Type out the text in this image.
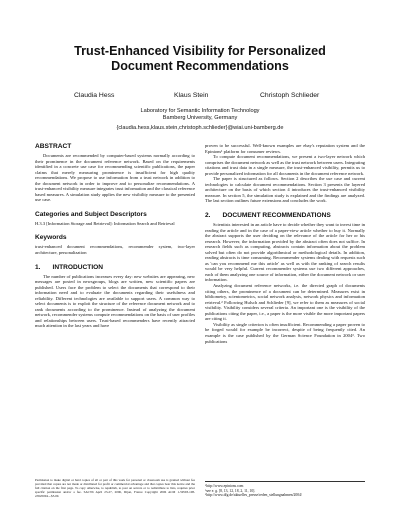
Trust-Enhanced Visibility for Personalized Document Recommendations
Claudia Hess	Klaus Stein	Christoph Schlieder
Laboratory for Semantic Information Technology
Bamberg University, Germany
{claudia.hess,klaus.stein,christoph.schlieder}@wiai.uni-bamberg.de
ABSTRACT

Documents are recommended by computer-based systems normally according to their prominence in the document reference network. Based on the requirements identified in a concrete use case for recommending scientific publications, the paper claims that merely measuring prominence is insufficient for high quality recommendations. We propose to use information from a trust network in addition to the document network in order to improve and to personalize recommendations. A trust-enhanced visibility measure integrates trust information and the classical reference based measures. A simulation study applies the new visibility measure to the presented use case.

Categories and Subject Descriptors

H.3.3 [Information Storage and Retrieval]: Information Search and Retrieval

Keywords

trust-enhanced document recommendations, recommender system, two-layer architecture, personalization

1. INTRODUCTION

The number of publications increases every day: new websites are appearing, new messages are posted in newsgroups, blogs are written, new scientific papers are published. Users face the problem to select the documents that correspond to their information need and to evaluate the documents regarding their usefulness and reliability. Different technologies are available to support users. A common way to select documents is to exploit the structure of the reference document network and to rank documents according to the prominence. Instead of analyzing the document network, recommender systems compute recommendations on the basis of user profiles and relationships between users. Trust-based recommenders have recently attracted much attention in the last years and have

Permission to make digital or hard copies of all or part of this work for personal or classroom use is granted without fee provided that copies are not made or distributed for profit or commercial advantage and that copies bear this notice and the full citation on the first page. To copy otherwise, to republish, to post on servers or to redistribute to lists, requires prior specific permission and/or a fee. SAC'06 April 23-27, 2006, Dijon, France Copyright 2006 ACM 1-59593-108-2/06/0004....$5.00.

proven to be successful. Well-known examples are ebay's reputation system and the Epinions¹ platform for consumer reviews.

To compute document recommendations, we present a two-layer network which comprises the document network as well as the trust network between users. Integrating citations and trust data in a single measure, the trust-enhanced visibility, permits us to provide personalized information for all documents in the document reference network.

The paper is structured as follows. Section 2 describes the use case and current technologies to calculate document recommendations. Section 3 presents the layered architecture on the basis of which section 4 introduces the trust-enhanced visibility measure. In section 5, the simulation study is explained and the findings are analyzed. The last section outlines future extensions and concludes the work.

2. DOCUMENT RECOMMENDATIONS

Scientists interested in an article have to decide whether they want to invest time in reading the article and in the case of a paper-view article whether to buy it. Normally the abstract supports the user deciding on the relevance of the article for her or his research. However, the information provided by the abstract often does not suffice. In research fields such as computing, abstracts contain information about the problem solved but often do not provide algorithmical or methodological details. In addition, reading abstracts is time consuming. Recommender systems dealing with requests such as 'can you recommend me this article' as well as with the ranking of search results would be very helpful. Current recommender systems use two different approaches, each of them analyzing one source of information, either the document network or user information.

Analyzing document reference networks, i.e. the directed graph of documents citing others, the prominence of a document can be determined. Measures exist in bibliometry, scientometrics, social network analysis, network physics and information retrieval.² Following Hulsch and Schlieder [9], we refer to them as measures of social visibility. Visibility considers several criteria. An important one is the visibility of the publications citing the paper, i.e., a paper is the more visible the more important papers are citing it.

Visibility as single criterion is often insufficient. Recommending a paper proven to be forged would for example be incorrect, despite of being frequently cited. An example is the case published by the German Science Foundation in 2004³. Two publications

¹http://www.epinions.com
²see e. g. [8, 13, 12, 18, 2, 11, 10].
³http://www.dfg.de/aktuelles_presse/reden_stellungnahmen/2004/
